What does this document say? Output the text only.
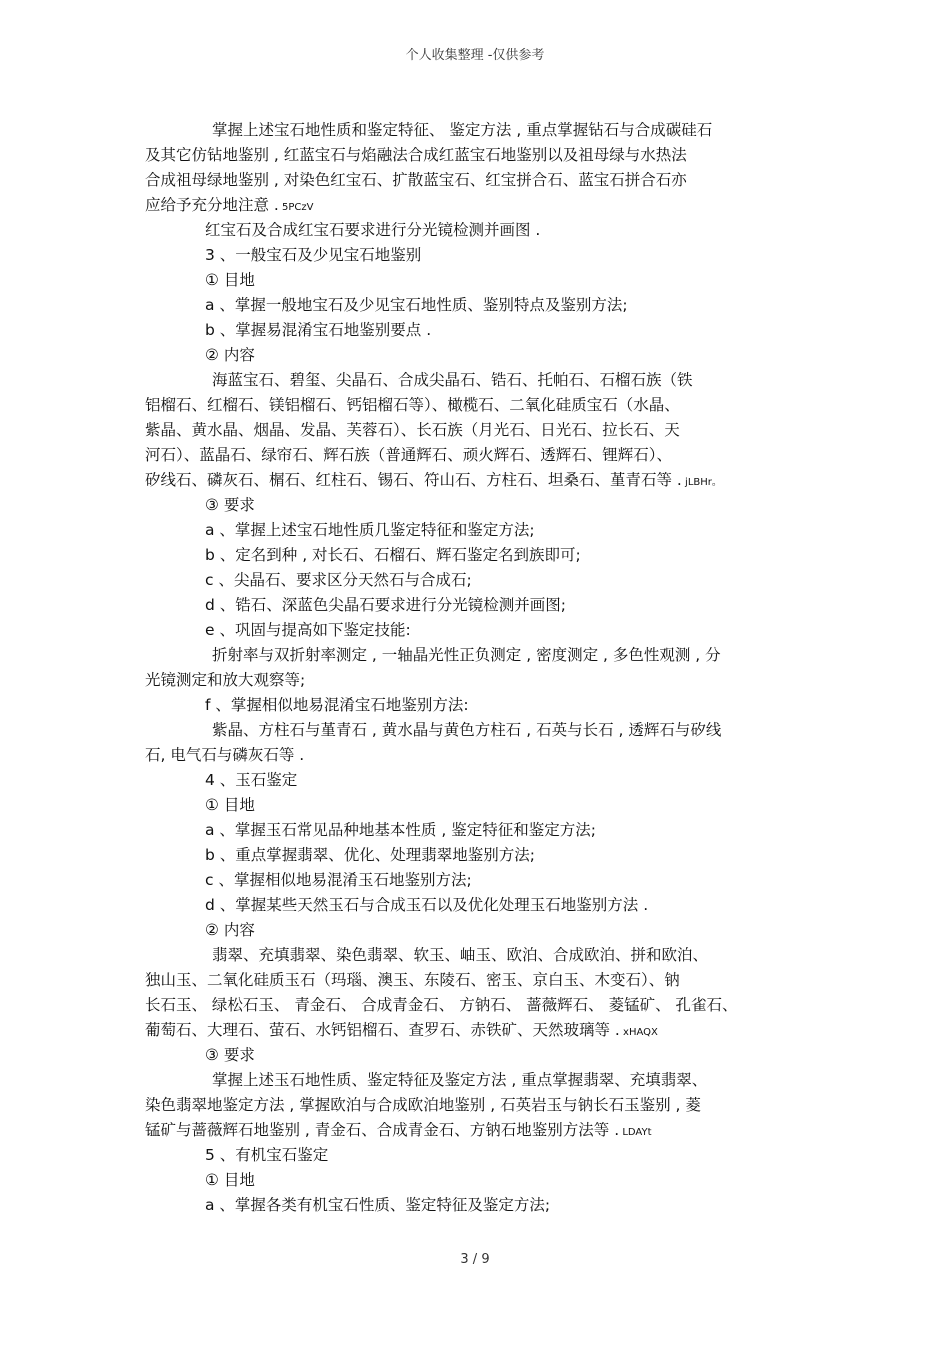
个人收集整理 -仅供参考
掌握上述宝石地性质和鉴定特征、 鉴定方法 , 重点掌握钻石与合成碳硅石
及其它仿钻地鉴别 , 红蓝宝石与焰融法合成红蓝宝石地鉴别以及祖母绿与水热法
合成祖母绿地鉴别 , 对染色红宝石、扩散蓝宝石、红宝拼合石、蓝宝石拼合石亦
应给予充分地注意 . 5PCzV
红宝石及合成红宝石要求进行分光镜检测并画图 .
3 、一般宝石及少见宝石地鉴别
① 目地
a 、掌握一般地宝石及少见宝石地性质、鉴别特点及鉴别方法;
b 、掌握易混淆宝石地鉴别要点 .
② 内容
海蓝宝石、碧玺、尖晶石、合成尖晶石、锆石、托帕石、石榴石族（铁
铝榴石、红榴石、镁铝榴石、钙铝榴石等）、橄榄石、二氧化硅质宝石（水晶、
紫晶、黄水晶、烟晶、发晶、芙蓉石）、长石族（月光石、日光石、拉长石、天
河石）、蓝晶石、绿帘石、辉石族（普通辉石、顽火辉石、透辉石、锂辉石）、
矽线石、磷灰石、榍石、红柱石、锡石、符山石、方柱石、坦桑石、堇青石等 . jLBHr。
③ 要求
a 、掌握上述宝石地性质几鉴定特征和鉴定方法;
b 、定名到种 , 对长石、石榴石、辉石鉴定名到族即可;
c 、尖晶石、要求区分天然石与合成石;
d 、锆石、深蓝色尖晶石要求进行分光镜检测并画图;
e 、巩固与提高如下鉴定技能:
折射率与双折射率测定 , 一轴晶光性正负测定 , 密度测定 , 多色性观测 , 分
光镜测定和放大观察等;
f 、掌握相似地易混淆宝石地鉴别方法:
紫晶、方柱石与堇青石 , 黄水晶与黄色方柱石 , 石英与长石 , 透辉石与矽线
石, 电气石与磷灰石等 .
4 、玉石鉴定
① 目地
a 、掌握玉石常见品种地基本性质 , 鉴定特征和鉴定方法;
b 、重点掌握翡翠、优化、处理翡翠地鉴别方法;
c 、掌握相似地易混淆玉石地鉴别方法;
d 、掌握某些天然玉石与合成玉石以及优化处理玉石地鉴别方法 .
② 内容
翡翠、充填翡翠、染色翡翠、软玉、岫玉、欧泊、合成欧泊、拼和欧泊、
独山玉、二氧化硅质玉石（玛瑙、澳玉、东陵石、密玉、京白玉、木变石）、钠
长石玉、 绿松石玉、 青金石、 合成青金石、 方钠石、 蔷薇辉石、 菱锰矿、 孔雀石、
葡萄石、大理石、萤石、水钙铝榴石、查罗石、赤铁矿、天然玻璃等 . xHAQX
③ 要求
掌握上述玉石地性质、鉴定特征及鉴定方法 , 重点掌握翡翠、充填翡翠、
染色翡翠地鉴定方法 , 掌握欧泊与合成欧泊地鉴别 , 石英岩玉与钠长石玉鉴别 , 菱
锰矿与蔷薇辉石地鉴别 , 青金石、合成青金石、方钠石地鉴别方法等 . LDAYt
5 、有机宝石鉴定
① 目地
a 、掌握各类有机宝石性质、鉴定特征及鉴定方法;
3 / 9
